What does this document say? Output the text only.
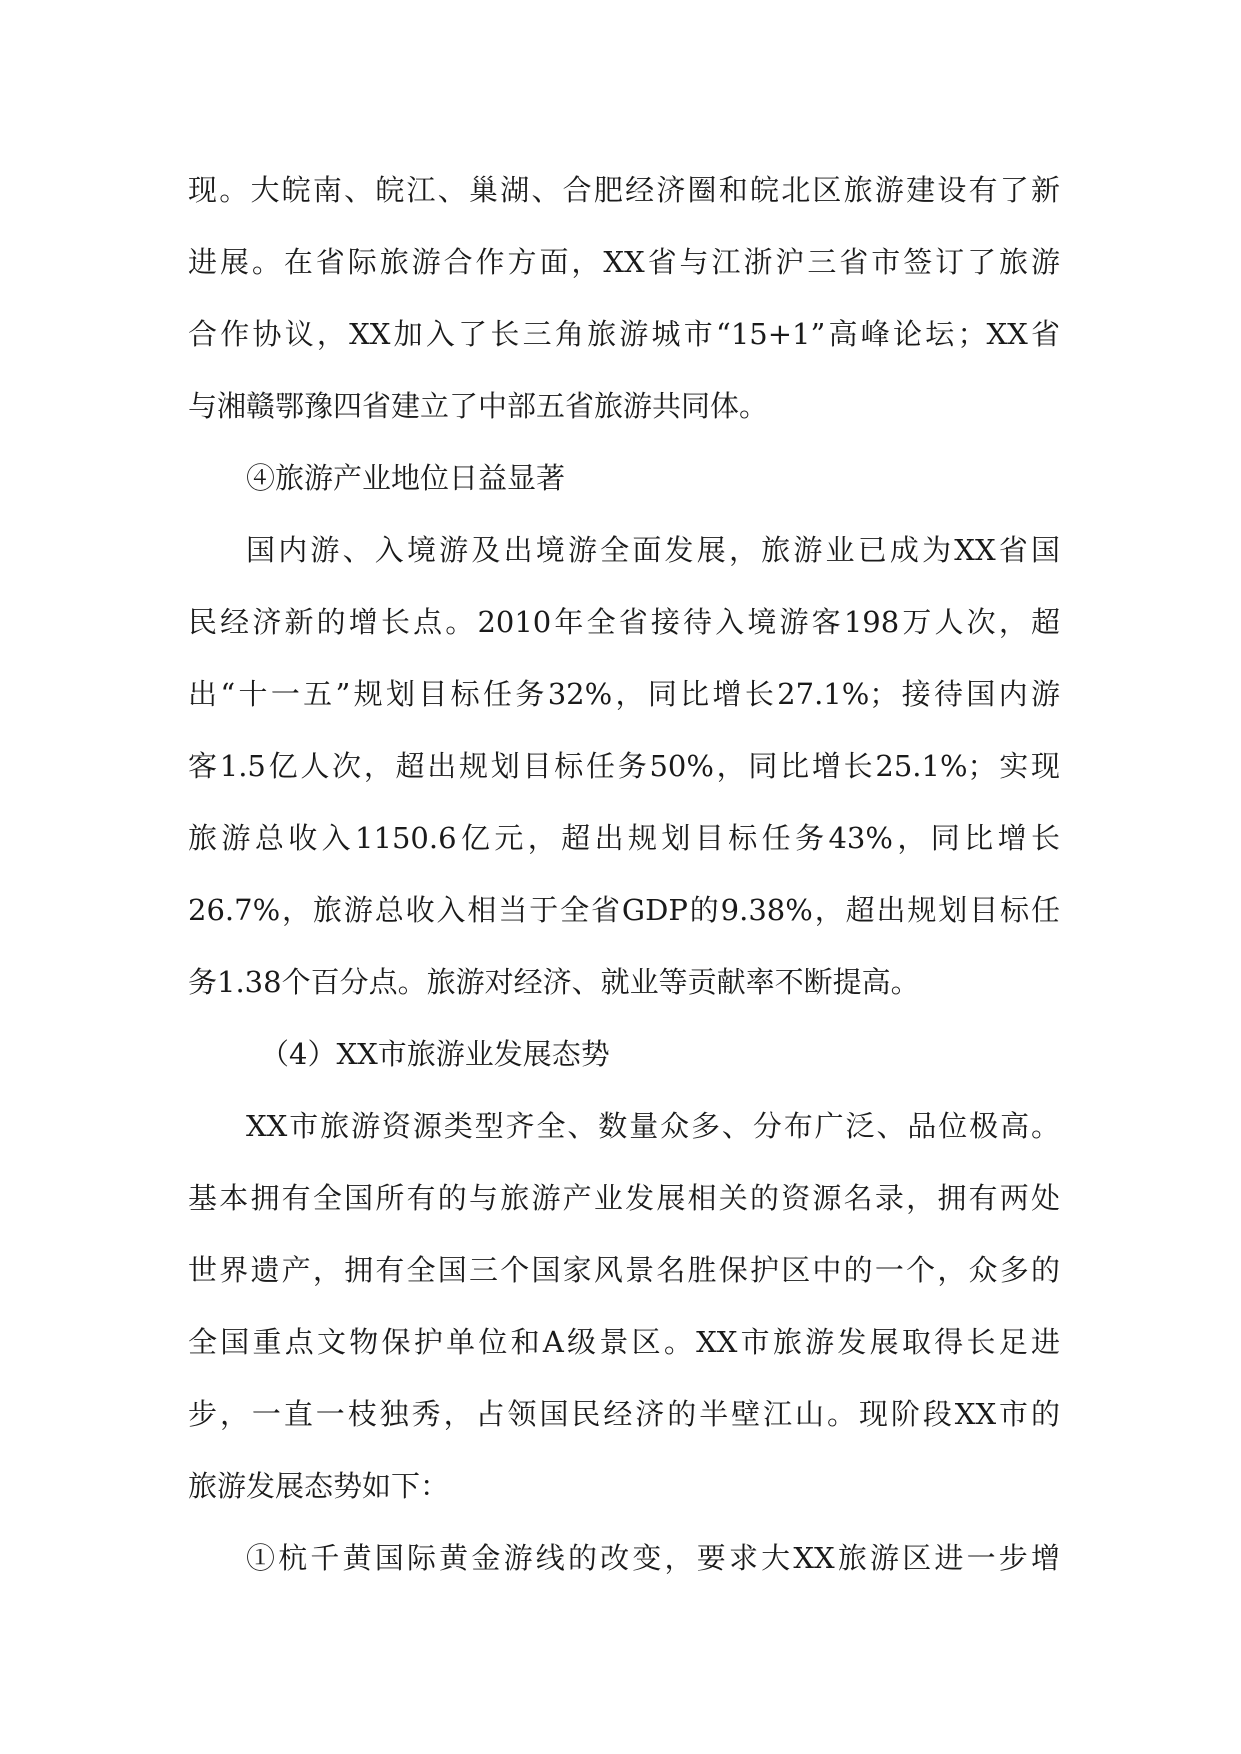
现。大皖南、皖江、巢湖、合肥经济圈和皖北区旅游建设有了新
进展。在省际旅游合作方面，XX省与江浙沪三省市签订了旅游
合作协议，XX加入了长三角旅游城市“15+1”高峰论坛；XX省
与湘赣鄂豫四省建立了中部五省旅游共同体。
④旅游产业地位日益显著
国内游、入境游及出境游全面发展，旅游业已成为XX省国
民经济新的增长点。2010年全省接待入境游客198万人次，超
出“十一五”规划目标任务32%，同比增长27.1%；接待国内游
客1.5亿人次，超出规划目标任务50%，同比增长25.1%；实现
旅游总收入1150.6亿元，超出规划目标任务43%，同比增长
26.7%，旅游总收入相当于全省GDP的9.38%，超出规划目标任
务1.38个百分点。旅游对经济、就业等贡献率不断提高。
（4）XX市旅游业发展态势
XX市旅游资源类型齐全、数量众多、分布广泛、品位极高。
基本拥有全国所有的与旅游产业发展相关的资源名录，拥有两处
世界遗产，拥有全国三个国家风景名胜保护区中的一个，众多的
全国重点文物保护单位和A级景区。XX市旅游发展取得长足进
步，一直一枝独秀，占领国民经济的半壁江山。现阶段XX市的
旅游发展态势如下：
①杭千黄国际黄金游线的改变，要求大XX旅游区进一步增
